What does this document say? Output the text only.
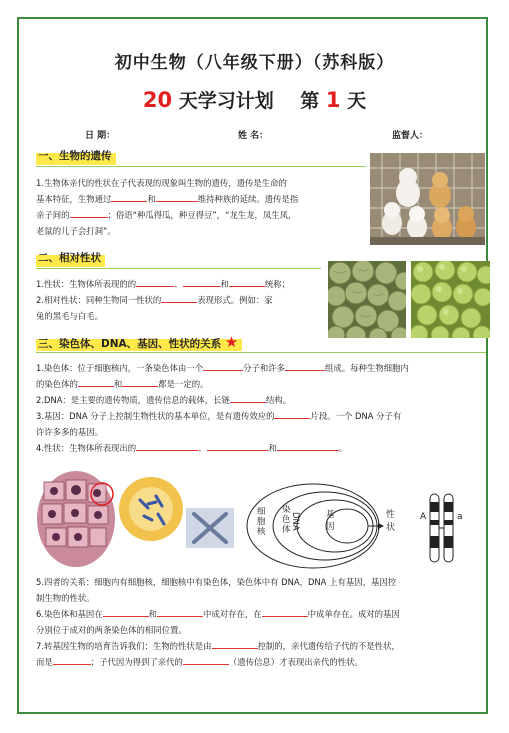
初中生物（八年级下册）（苏科版）
20 天学习计划 第 1 天
日 期：	姓 名：	监督人：
一、生物的遗传
1.生物体亲代的性状在子代表现的现象叫生物的遗传，遗传是生命的
基本特征，生物通过	和	维持种族的延续。遗传是指
亲子间的	；俗语“种瓜得瓜，种豆得豆”，“龙生龙，凤生凤，
老鼠的儿子会打洞”。
二、相对性状
1.性状：生物体所表现的的	、	和	统称；
2.相对性状：同种生物同一性状的	表现形式。例如：家
兔的黑毛与白毛。
三、染色体、DNA、基因、性状的关系 ★
1.染色体：位于细胞核内，一条染色体由一个	分子和许多	组成。每种生物细胞内
的染色体的	和	都是一定的。
2.DNA：是主要的遗传物质，遗传信息的载体，长链	结构。
3.基因：DNA 分子上控制生物性状的基本单位，是有遗传效应的	片段。一个 DNA 分子有
许许多多的基因。
4.性状：生物体所表现出的	、	和	。
细胞核
染色体 DNA	基因
性状
A	a
5.四者的关系：细胞内有细胞核，细胞核中有染色体，染色体中有 DNA，DNA 上有基因，基因控
制生物的性状。
6.染色体和基因在	和	中成对存在，在	中成单存在。成对的基因
分别位于成对的两条染色体的相同位置。
7.转基因生物的培育告诉我们：生物的性状是由	控制的，亲代遗传给子代的不是性状，
而是	；子代因为得到了亲代的	（遗传信息）才表现出亲代的性状。
